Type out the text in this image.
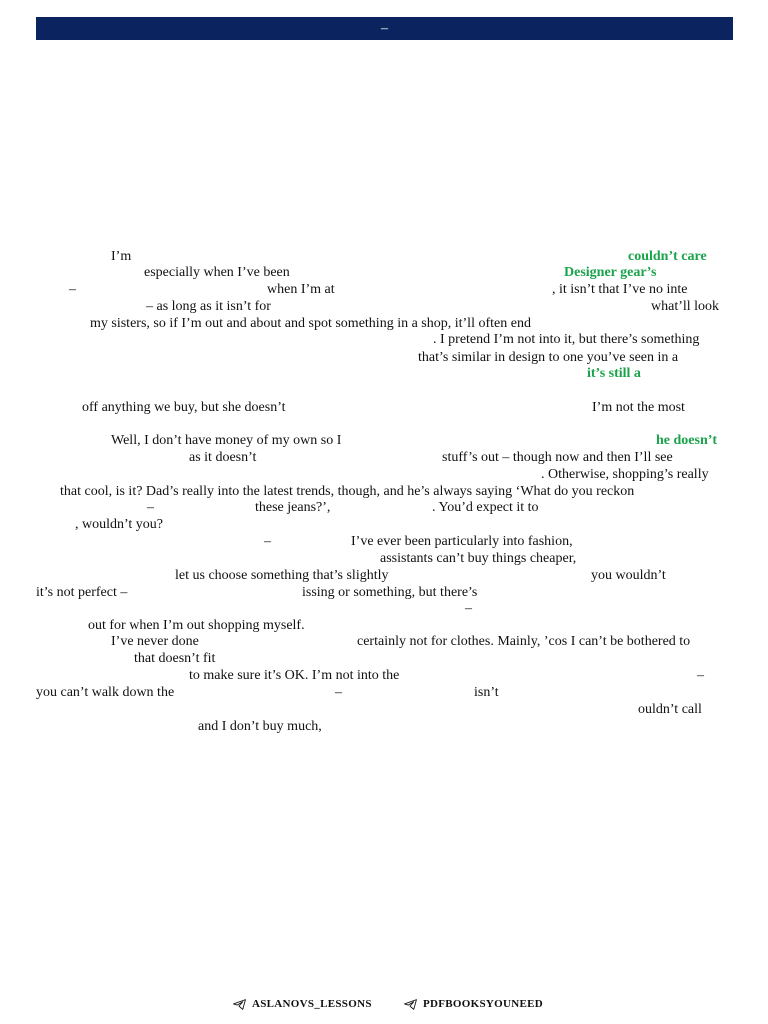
–
I’m	couldn’t care
especially when I’ve been	Designer gear’s
–	when I’m at	, it isn’t that I’ve no inte
– as long as it isn’t for	what’ll look
my sisters, so if I’m out and about and spot something in a shop, it’ll often end
. I pretend I’m not into it, but there’s something
that’s similar in design to one you’ve seen in a
it’s still a
off anything we buy, but she doesn’t	I’m not the most
Well, I don’t have money of my own so I	he doesn’t
as it doesn’t	stuff’s out – though now and then I’ll see
. Otherwise, shopping’s really
that cool, is it? Dad’s really into the latest trends, though, and he’s always saying ‘What do you reckon
–	these jeans?’,	. You’d expect it to
, wouldn’t you?
–	I’ve ever been particularly into fashion,
assistants can’t buy things cheaper,
let us choose something that’s slightly	you wouldn’t
it’s not perfect –	issing or something, but there’s
–
out for when I’m out shopping myself.
I’ve never done	certainly not for clothes. Mainly, ’cos I can’t be bothered to
that doesn’t fit
to make sure it’s OK. I’m not into the	–
you can’t walk down the	–	isn’t
ouldn’t call
and I don’t buy much,
ASLANOVS_LESSONS	PDFBOOKSYOUNEED
